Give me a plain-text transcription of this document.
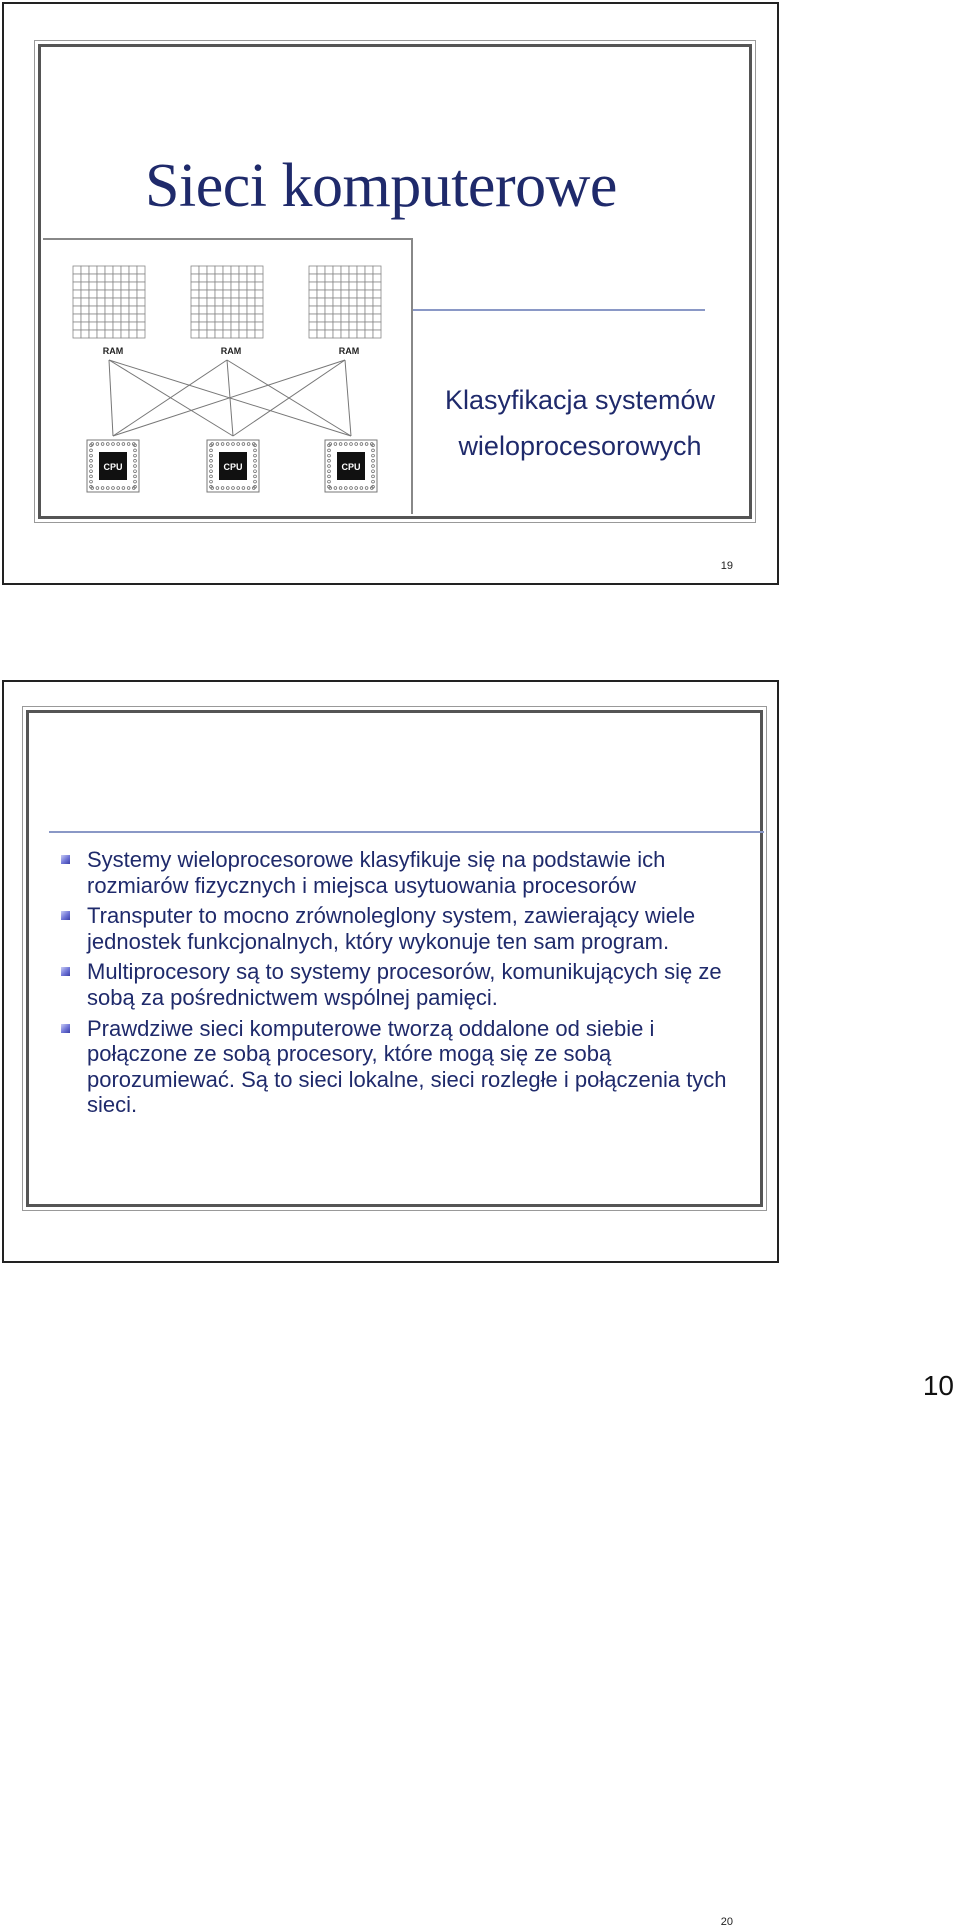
Sieci komputerowe
RAM	RAM	RAM
CPU	CPU	CPU
Klasyfikacja systemów
wieloprocesorowych
19
Systemy wieloprocesorowe klasyfikuje się na podstawie ich rozmiarów fizycznych i miejsca usytuowania procesorów
Transputer to mocno zrównoleglony system, zawierający wiele jednostek funkcjonalnych, który wykonuje ten sam program.
Multiprocesory są to systemy procesorów, komunikujących się ze sobą za pośrednictwem wspólnej pamięci.
Prawdziwe sieci komputerowe tworzą oddalone od siebie i połączone ze sobą procesory, które mogą się ze sobą porozumiewać. Są to sieci lokalne, sieci rozległe i połączenia tych sieci.
20
10
